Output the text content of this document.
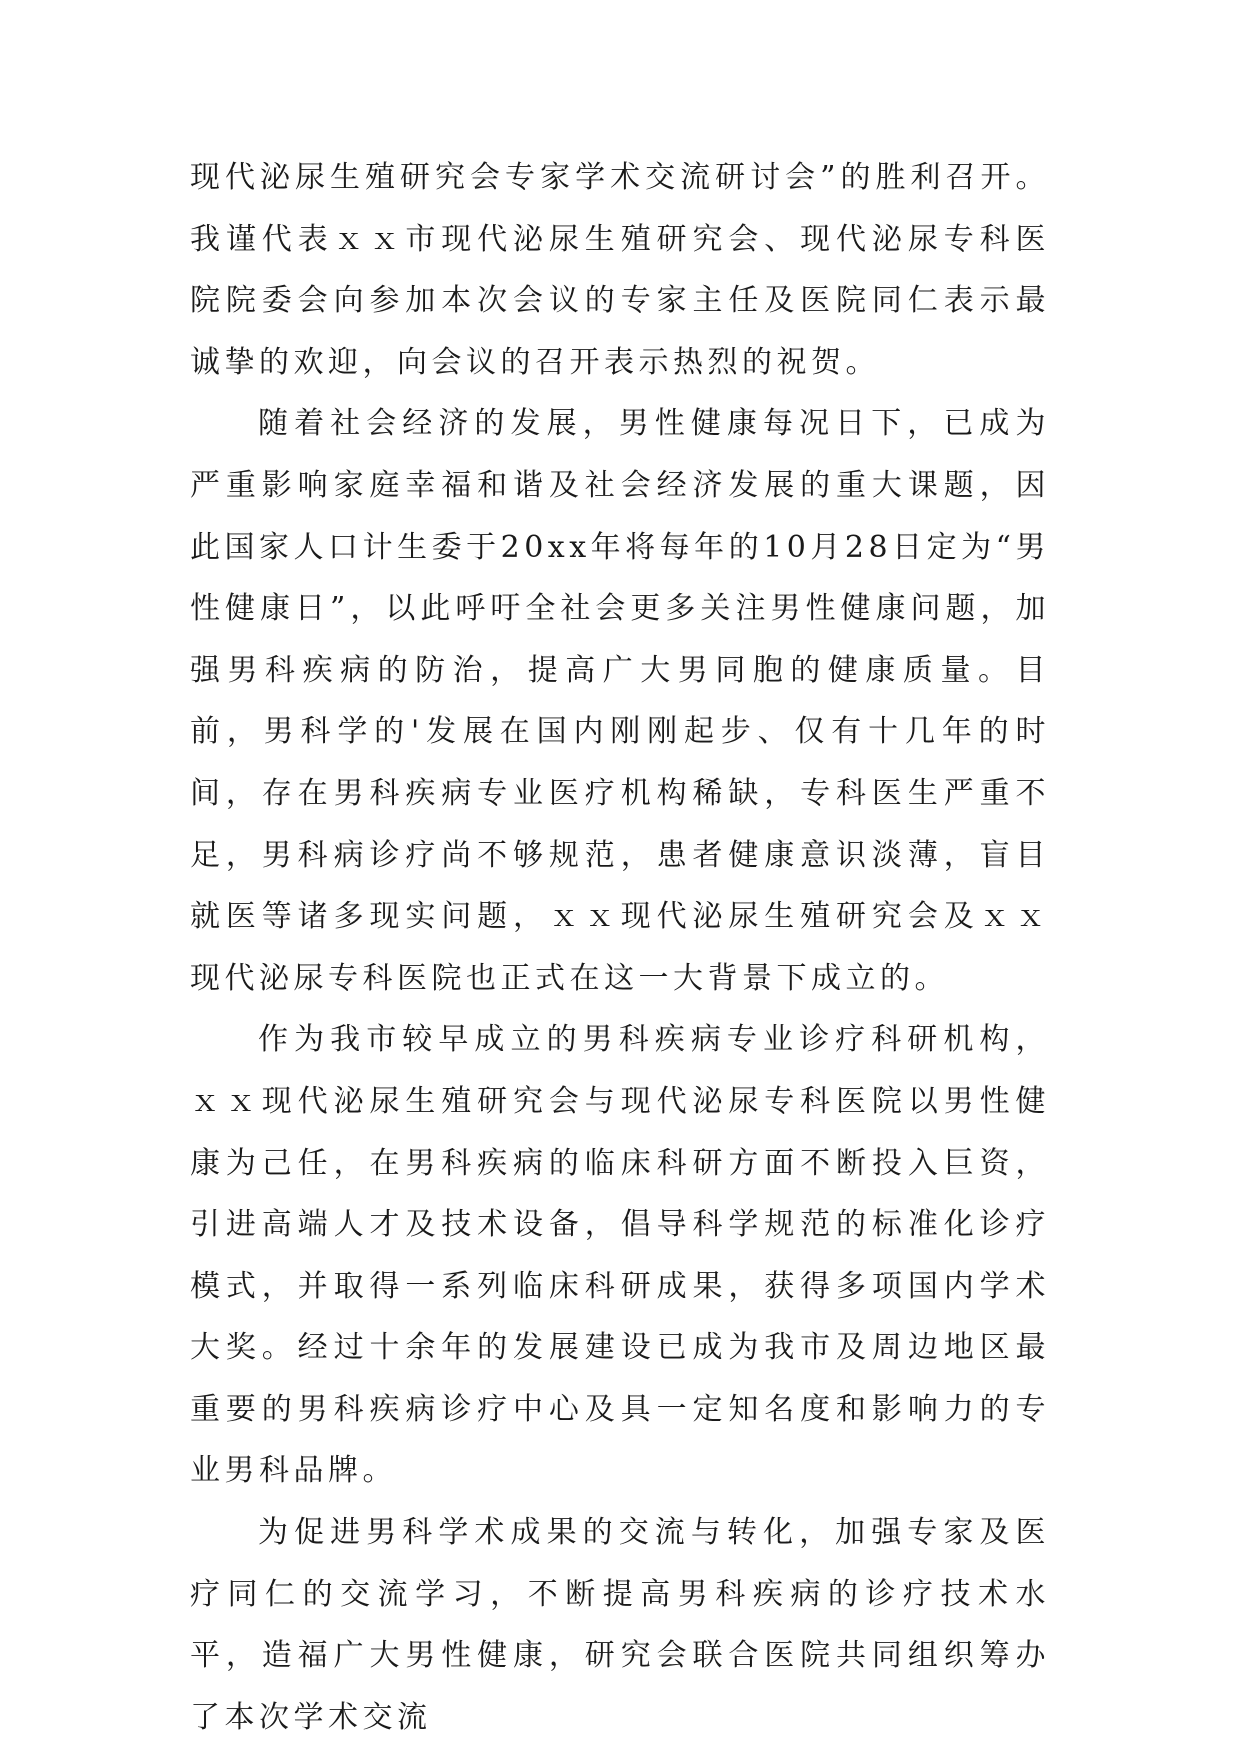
现代泌尿生殖研究会专家学术交流研讨会”的胜利召开。我谨代表ｘｘ市现代泌尿生殖研究会、现代泌尿专科医院院委会向参加本次会议的专家主任及医院同仁表示最诚挚的欢迎，向会议的召开表示热烈的祝贺。

随着社会经济的发展，男性健康每况日下，已成为严重影响家庭幸福和谐及社会经济发展的重大课题，因此国家人口计生委于20xx年将每年的10月28日定为“男性健康日”，以此呼吁全社会更多关注男性健康问题，加强男科疾病的防治，提高广大男同胞的健康质量。目前，男科学的'发展在国内刚刚起步、仅有十几年的时间，存在男科疾病专业医疗机构稀缺，专科医生严重不足，男科病诊疗尚不够规范，患者健康意识淡薄，盲目就医等诸多现实问题，ｘｘ现代泌尿生殖研究会及ｘｘ现代泌尿专科医院也正式在这一大背景下成立的。

作为我市较早成立的男科疾病专业诊疗科研机构，ｘｘ现代泌尿生殖研究会与现代泌尿专科医院以男性健康为己任，在男科疾病的临床科研方面不断投入巨资，引进高端人才及技术设备，倡导科学规范的标准化诊疗模式，并取得一系列临床科研成果，获得多项国内学术大奖。经过十余年的发展建设已成为我市及周边地区最重要的男科疾病诊疗中心及具一定知名度和影响力的专业男科品牌。

为促进男科学术成果的交流与转化，加强专家及医疗同仁的交流学习，不断提高男科疾病的诊疗技术水平，造福广大男性健康，研究会联合医院共同组织筹办了本次学术交流
